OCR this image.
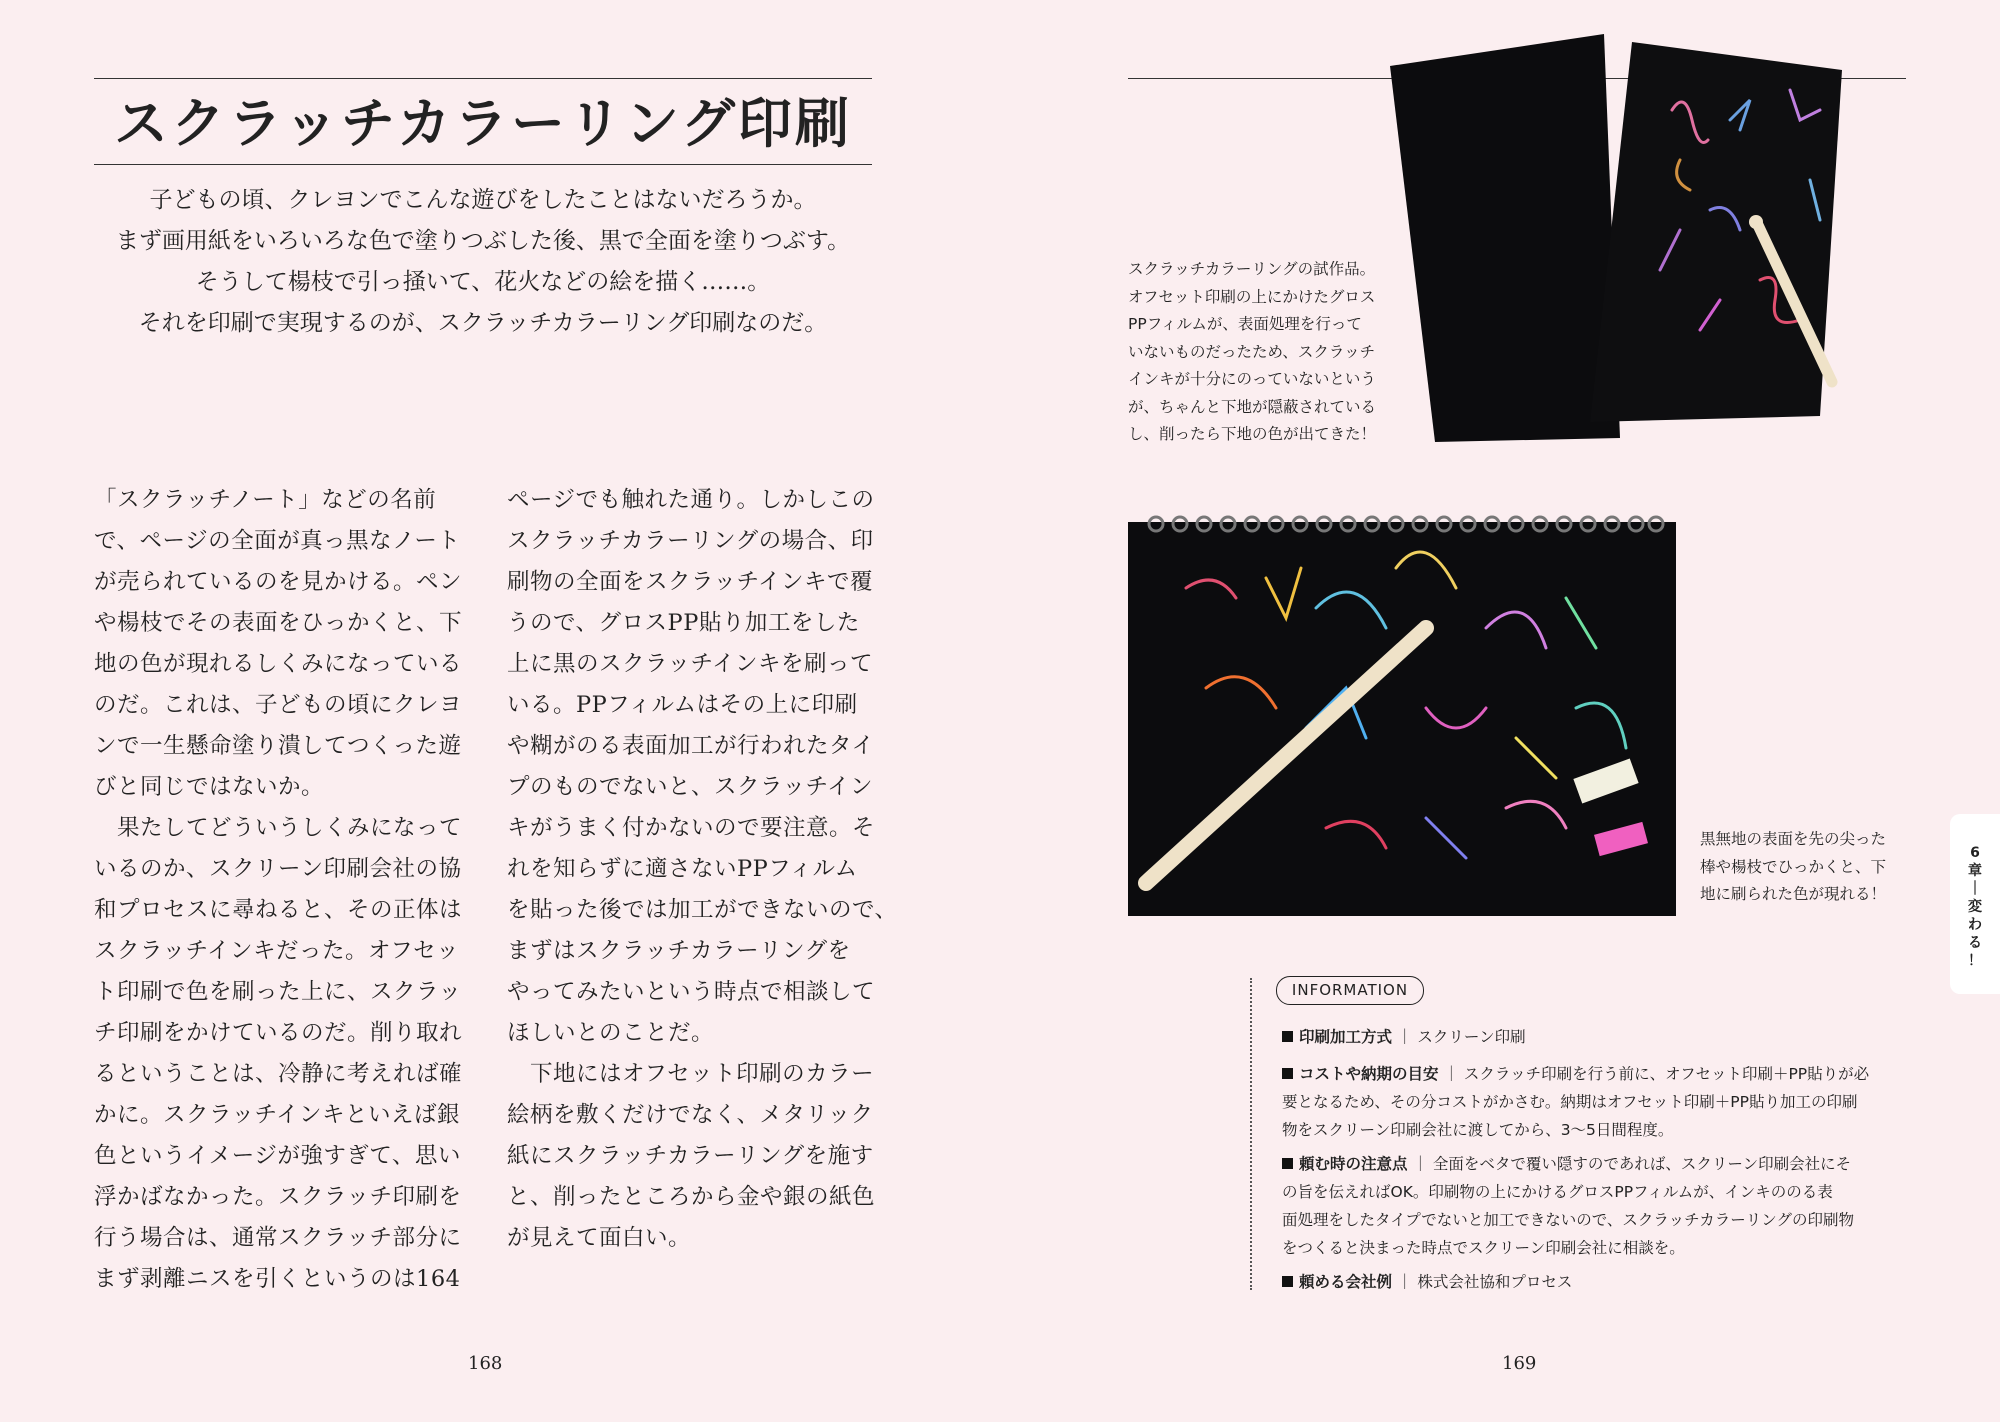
スクラッチカラーリング印刷
子どもの頃、クレヨンでこんな遊びをしたことはないだろうか。
まず画用紙をいろいろな色で塗りつぶした後、黒で全面を塗りつぶす。
そうして楊枝で引っ掻いて、花火などの絵を描く……。
それを印刷で実現するのが、スクラッチカラーリング印刷なのだ。
「スクラッチノート」などの名前
で、ページの全面が真っ黒なノート
が売られているのを見かける。ペン
や楊枝でその表面をひっかくと、下
地の色が現れるしくみになっている
のだ。これは、子どもの頃にクレヨ
ンで一生懸命塗り潰してつくった遊
びと同じではないか。
　果たしてどういうしくみになって
いるのか、スクリーン印刷会社の協
和プロセスに尋ねると、その正体は
スクラッチインキだった。オフセッ
ト印刷で色を刷った上に、スクラッ
チ印刷をかけているのだ。削り取れ
るということは、冷静に考えれば確
かに。スクラッチインキといえば銀
色というイメージが強すぎて、思い
浮かばなかった。スクラッチ印刷を
行う場合は、通常スクラッチ部分に
まず剥離ニスを引くというのは164
ページでも触れた通り。しかしこの
スクラッチカラーリングの場合、印
刷物の全面をスクラッチインキで覆
うので、グロスPP貼り加工をした
上に黒のスクラッチインキを刷って
いる。PPフィルムはその上に印刷
や糊がのる表面加工が行われたタイ
プのものでないと、スクラッチイン
キがうまく付かないので要注意。そ
れを知らずに適さないPPフィルム
を貼った後では加工ができないので、
まずはスクラッチカラーリングを
やってみたいという時点で相談して
ほしいとのことだ。
　下地にはオフセット印刷のカラー
絵柄を敷くだけでなく、メタリック
紙にスクラッチカラーリングを施す
と、削ったところから金や銀の紙色
が見えて面白い。
168
スクラッチカラーリングの試作品。
オフセット印刷の上にかけたグロス
PPフィルムが、表面処理を行って
いないものだったため、スクラッチ
インキが十分にのっていないという
が、ちゃんと下地が隠蔽されている
し、削ったら下地の色が出てきた！
黒無地の表面を先の尖った
棒や楊枝でひっかくと、下
地に刷られた色が現れる！
INFORMATION
印刷加工方式 ｜ スクリーン印刷
コストや納期の目安 ｜ スクラッチ印刷を行う前に、オフセット印刷＋PP貼りが必
要となるため、その分コストがかさむ。納期はオフセット印刷＋PP貼り加工の印刷
物をスクリーン印刷会社に渡してから、3〜5日間程度。
頼む時の注意点 ｜ 全面をベタで覆い隠すのであれば、スクリーン印刷会社にそ
の旨を伝えればOK。印刷物の上にかけるグロスPPフィルムが、インキののる表
面処理をしたタイプでないと加工できないので、スクラッチカラーリングの印刷物
をつくると決まった時点でスクリーン印刷会社に相談を。
頼める会社例 ｜ 株式会社協和プロセス
169
6
章
｜
変
わ
る
！
